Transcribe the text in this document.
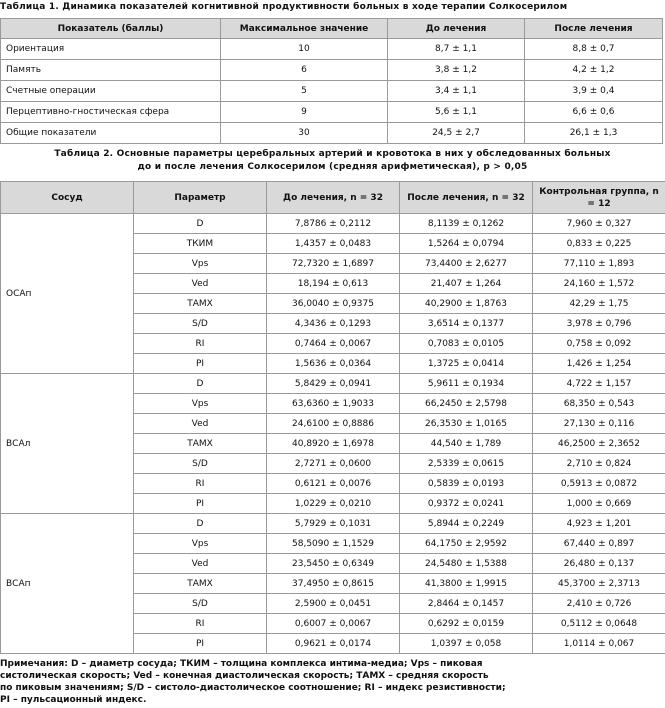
Таблица 1. Динамика показателей когнитивной продуктивности больных в ходе терапии Солкосерилом
Показатель (баллы)	Максимальное значение	До лечения	После лечения
Ориентация	10	8,7 ± 1,1	8,8 ± 0,7
Память	6	3,8 ± 1,2	4,2 ± 1,2
Счетные операции	5	3,4 ± 1,1	3,9 ± 0,4
Перцептивно-гностическая сфера	9	5,6 ± 1,1	6,6 ± 0,6
Общие показатели	30	24,5 ± 2,7	26,1 ± 1,3
Таблица 2. Основные параметры церебральных артерий и кровотока в них у обследованных больных
до и после лечения Солкосерилом (средняя арифметическая), p > 0,05
Сосуд	Параметр	До лечения, n = 32	После лечения, n = 32	Контрольная группа, n = 12
ОСАп	D	7,8786 ± 0,2112	8,1139 ± 0,1262	7,960 ± 0,327
	ТКИМ	1,4357 ± 0,0483	1,5264 ± 0,0794	0,833 ± 0,225
	Vps	72,7320 ± 1,6897	73,4400 ± 2,6277	77,110 ± 1,893
	Ved	18,194 ± 0,613	21,407 ± 1,264	24,160 ± 1,572
	ТАМХ	36,0040 ± 0,9375	40,2900 ± 1,8763	42,29 ± 1,75
	S/D	4,3436 ± 0,1293	3,6514 ± 0,1377	3,978 ± 0,796
	RI	0,7464 ± 0,0067	0,7083 ± 0,0105	0,758 ± 0,092
	PI	1,5636 ± 0,0364	1,3725 ± 0,0414	1,426 ± 1,254
ВСАл	D	5,8429 ± 0,0941	5,9611 ± 0,1934	4,722 ± 1,157
	Vps	63,6360 ± 1,9033	66,2450 ± 2,5798	68,350 ± 0,543
	Ved	24,6100 ± 0,8886	26,3530 ± 1,0165	27,130 ± 0,116
	ТАМХ	40,8920 ± 1,6978	44,540 ± 1,789	46,2500 ± 2,3652
	S/D	2,7271 ± 0,0600	2,5339 ± 0,0615	2,710 ± 0,824
	RI	0,6121 ± 0,0076	0,5839 ± 0,0193	0,5913 ± 0,0872
	PI	1,0229 ± 0,0210	0,9372 ± 0,0241	1,000 ± 0,669
ВСАп	D	5,7929 ± 0,1031	5,8944 ± 0,2249	4,923 ± 1,201
	Vps	58,5090 ± 1,1529	64,1750 ± 2,9592	67,440 ± 0,897
	Ved	23,5450 ± 0,6349	24,5480 ± 1,5388	26,480 ± 0,137
	ТАМХ	37,4950 ± 0,8615	41,3800 ± 1,9915	45,3700 ± 2,3713
	S/D	2,5900 ± 0,0451	2,8464 ± 0,1457	2,410 ± 0,726
	RI	0,6007 ± 0,0067	0,6292 ± 0,0159	0,5112 ± 0,0648
	PI	0,9621 ± 0,0174	1,0397 ± 0,058	1,0114 ± 0,067
Примечания: D – диаметр сосуда; ТКИМ – толщина комплекса интима-медиа; Vps – пиковая
систолическая скорость; Ved – конечная диастолическая скорость; ТАМХ – средняя скорость
по пиковым значениям; S/D – систоло-диастолическое соотношение; RI – индекс резистивности;
PI – пульсационный индекс.
